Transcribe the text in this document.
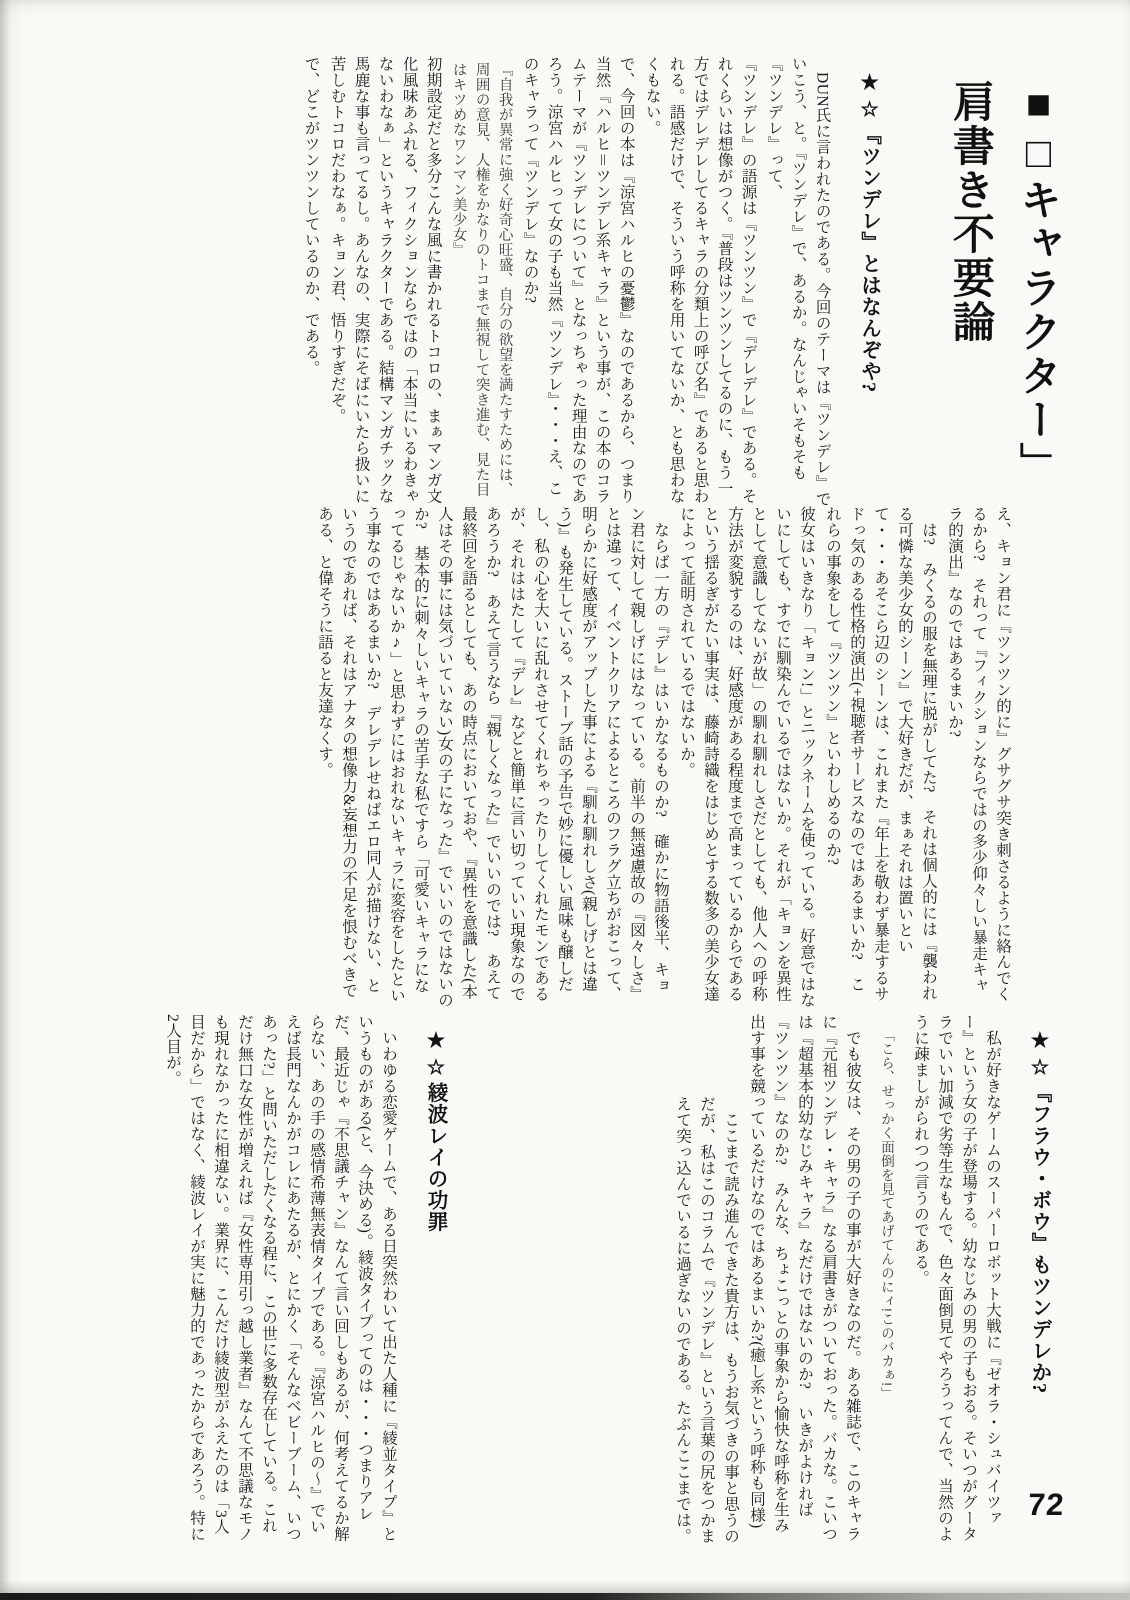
■□キャラクター」
肩書き不要論
★☆『ツンデレ』とはなんぞや?

DUN氏に言われたのである。今回のテーマは『ツンデレ』でいこう、と。『ツンデレ』で、あるか。なんじゃいそもそも『ツンデレ』って、

『ツンデレ』の語源は『ツンツン』で『デレデレ』である。それくらいは想像がつく。『普段はツンツンしてるのに、もう一方ではデレデレしてるキャラの分類上の呼び名』であると思われる。語感だけで、そういう呼称を用いてないか、とも思わなくもない。

で、今回の本は『涼宮ハルヒの憂鬱』なのであるから、つまり当然『ハルヒ＝ツンデレ系キャラ』という事が、この本のコラムテーマが『ツンデレについて』となっちゃった理由なのであろう。涼宮ハルヒって女の子も当然『ツンデレ』・・・え、このキャラって『ツンデレ』なのか?

『自我が異常に強く好奇心旺盛、自分の欲望を満たすためには、周囲の意見、人権をかなりのトコまで無視して突き進む、見た目はキツめなワンマン美少女』

初期設定だと多分こんな風に書かれるトコロの、まぁマンガ文化風味あふれる、フィクションならではの「本当にいるわきゃないわなぁ」というキャラクターである。結構マンガチックな馬鹿な事も言ってるし。あんなの、実際にそばにいたら扱いに苦しむトコロだわなぁ。キョン君、悟りすぎだぞ。

で、どこがツンツンしているのか、である。

え、キョン君に『ツンツン的に』グサグサ突き刺さるように絡んでくるから?　それって『フィクションならではの多少仰々しい暴走キャラ的演出』なのではあるまいか?

は?　みくるの服を無理に脱がしてた?　それは個人的には『襲われる可憐な美少女的シーン』で大好きだが、まぁそれは置いといて・・・あそこら辺のシーンは、これまた『年上を敬わず暴走するサドっ気のある性格的演出(+視聴者サービスなのではあるまいか?　これらの事象をして『ツンツン』といわしめるのか?

彼女はいきなり「キョン!」とニックネームを使っている。好意ではないにしても、すでに馴染んでいるではないか。それが「キョンを異性として意識してないが故」の馴れ馴れしさだとしても、他人への呼称方法が変貌するのは、好感度がある程度まで高まっているからであるという揺るぎがたい事実は、藤崎詩織をはじめとする数多の美少女達によって証明されているではないか。

ならば一方の『デレ』はいかなるものか?　確かに物語後半、キョン君に対して親しげにはなっている。前半の無遠慮故の『図々しさ』とは違って、イベントクリアによるところのフラグ立ちがおこって、明らかに好感度がアップした事による『馴れ馴れしさ(親しげとは違う)』も発生している。ストーブ話の予告で妙に優しい風味も醸しだし、私の心を大いに乱れさせてくれちゃったりしてくれたモンであるが、それははたして『デレ』などと簡単に言い切っていい現象なのであろうか?　あえて言うなら『親しくなった』でいいのでは?　あえて最終回を語るとしても、あの時点においておや、『異性を意識した(本人はその事には気づいていない)女の子になった』でいいのではないのか?　基本的に刺々しいキャラの苦手な私ですら「可愛いキャラになってるじゃないか♪」と思わずにはおれないキャラに変容をしたという事なのではあるまいか?　デレデレせねばエロ同人が描けない、というのであれば、それはアナタの想像力&妄想力の不足を恨むべきである、と偉そうに語ると友達なくす。

★☆『フラウ・ボウ』もツンデレか?

私が好きなゲームのスーパーロボット大戦に『ゼオラ・シュバイツァー』という女の子が登場する。幼なじみの男の子もおる。そいつがグータラでいい加減で劣等生なもんで、色々面倒見てやろうってんで、当然のように疎ましがられつつ言うのである。

「こら、せっかく面倒を見てあげてんのにィ!このバカぁ!」

でも彼女は、その男の子の事が大好きなのだ。ある雑誌で、このキャラに『元祖ツンデレ・キャラ』なる肩書きがついておった。バカな。こいつは『超基本的幼なじみキャラ』なだけではないのか?　いきがよければ『ツンツン』なのか?　みんな、ちょこっとの事象から愉快な呼称を生み出す事を競っているだけなのではあるまいか?(癒し系という呼称も同様)

ここまで読み進んできた貴方は、もうお気づきの事と思うのだが、私はこのコラムで『ツンデレ』という言葉の尻をつかまえて突っ込んでいるに過ぎないのである。たぶんここまでは。

★☆綾波レイの功罪

いわゆる恋愛ゲームで、ある日突然わいて出た人種に『綾並タイプ』というものがある(と、今決める)。綾波タイプってのは・・・つまりアレだ、最近じゃ『不思議チャン』なんて言い回しもあるが、何考えてるか解らない、あの手の感情希薄無表情タイプである。『涼宮ハルヒの〜』でいえば長門なんかがコレにあたるが、とにかく「そんなベビーブーム、いつあった?」と問いただしたくなる程に、この世に多数存在している。これだけ無口な女性が増えれば『女性専用引っ越し業者』なんて不思議なモノも現れなかったに相違ない。業界に、こんだけ綾波型がふえたのは「3人目だから」ではなく、綾波レイが実に魅力的であったからであろう。特に2人目が。

72
